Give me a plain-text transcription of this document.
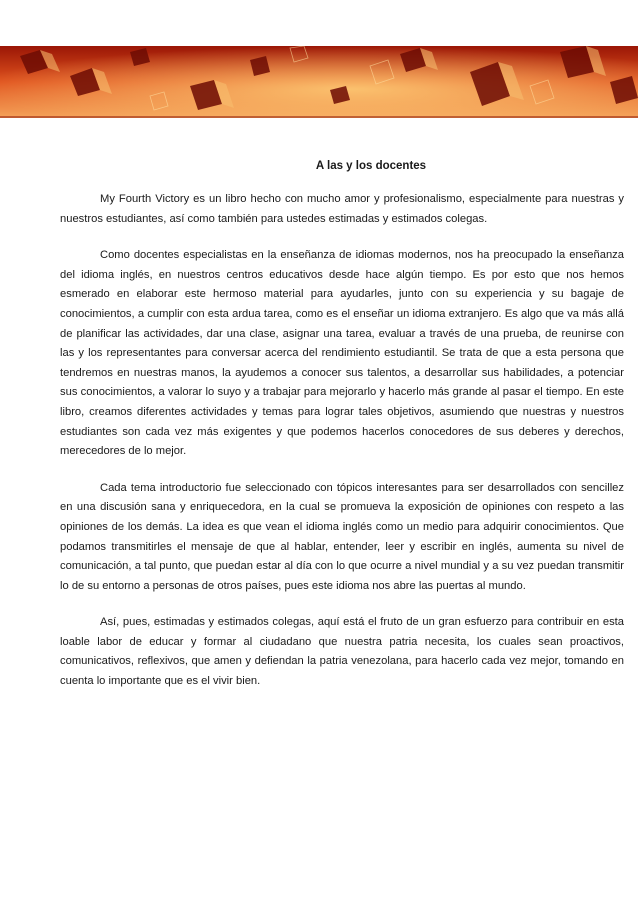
A las y los docentes

My Fourth Victory es un libro hecho con mucho amor y profesionalismo, especialmente para nuestras y nuestros estudiantes, así como también para ustedes estimadas y estimados colegas.

Como docentes especialistas en la enseñanza de idiomas modernos, nos ha preocupado la enseñanza del idioma inglés, en nuestros centros educativos desde hace algún tiempo. Es por esto que nos hemos esmerado en elaborar este hermoso material para ayudarles, junto con su experiencia y su bagaje de conocimientos, a cumplir con esta ardua tarea, como es el enseñar un idioma extranjero. Es algo que va más allá de planificar las actividades, dar una clase, asignar una tarea, evaluar a través de una prueba, de reunirse con las y los representantes para conversar acerca del rendimiento estudiantil. Se trata de que a esta persona que tendremos en nuestras manos, la ayudemos a conocer sus talentos, a desarrollar sus habilidades, a potenciar sus conocimientos, a valorar lo suyo y a trabajar para mejorarlo y hacerlo más grande al pasar el tiempo. En este libro, creamos diferentes actividades y temas para lograr tales objetivos, asumiendo que nuestras y nuestros estudiantes son cada vez más exigentes y que podemos hacerlos conocedores de sus deberes y derechos, merecedores de lo mejor.

Cada tema introductorio fue seleccionado con tópicos interesantes para ser desarrollados con sencillez en una discusión sana y enriquecedora, en la cual se promueva la exposición de opiniones con respeto a las opiniones de los demás. La idea es que vean el idioma inglés como un medio para adquirir conocimientos. Que podamos transmitirles el mensaje de que al hablar, entender, leer y escribir en inglés, aumenta su nivel de comunicación, a tal punto, que puedan estar al día con lo que ocurre a nivel mundial y a su vez puedan transmitir lo de su entorno a personas de otros países, pues este idioma nos abre las puertas al mundo.

Así, pues, estimadas y estimados colegas, aquí está el fruto de un gran esfuerzo para contribuir en esta loable labor de educar y formar al ciudadano que nuestra patria necesita, los cuales sean proactivos, comunicativos, reflexivos, que amen y defiendan la patria venezolana, para hacerlo cada vez mejor, tomando en cuenta lo importante que es el vivir bien.
